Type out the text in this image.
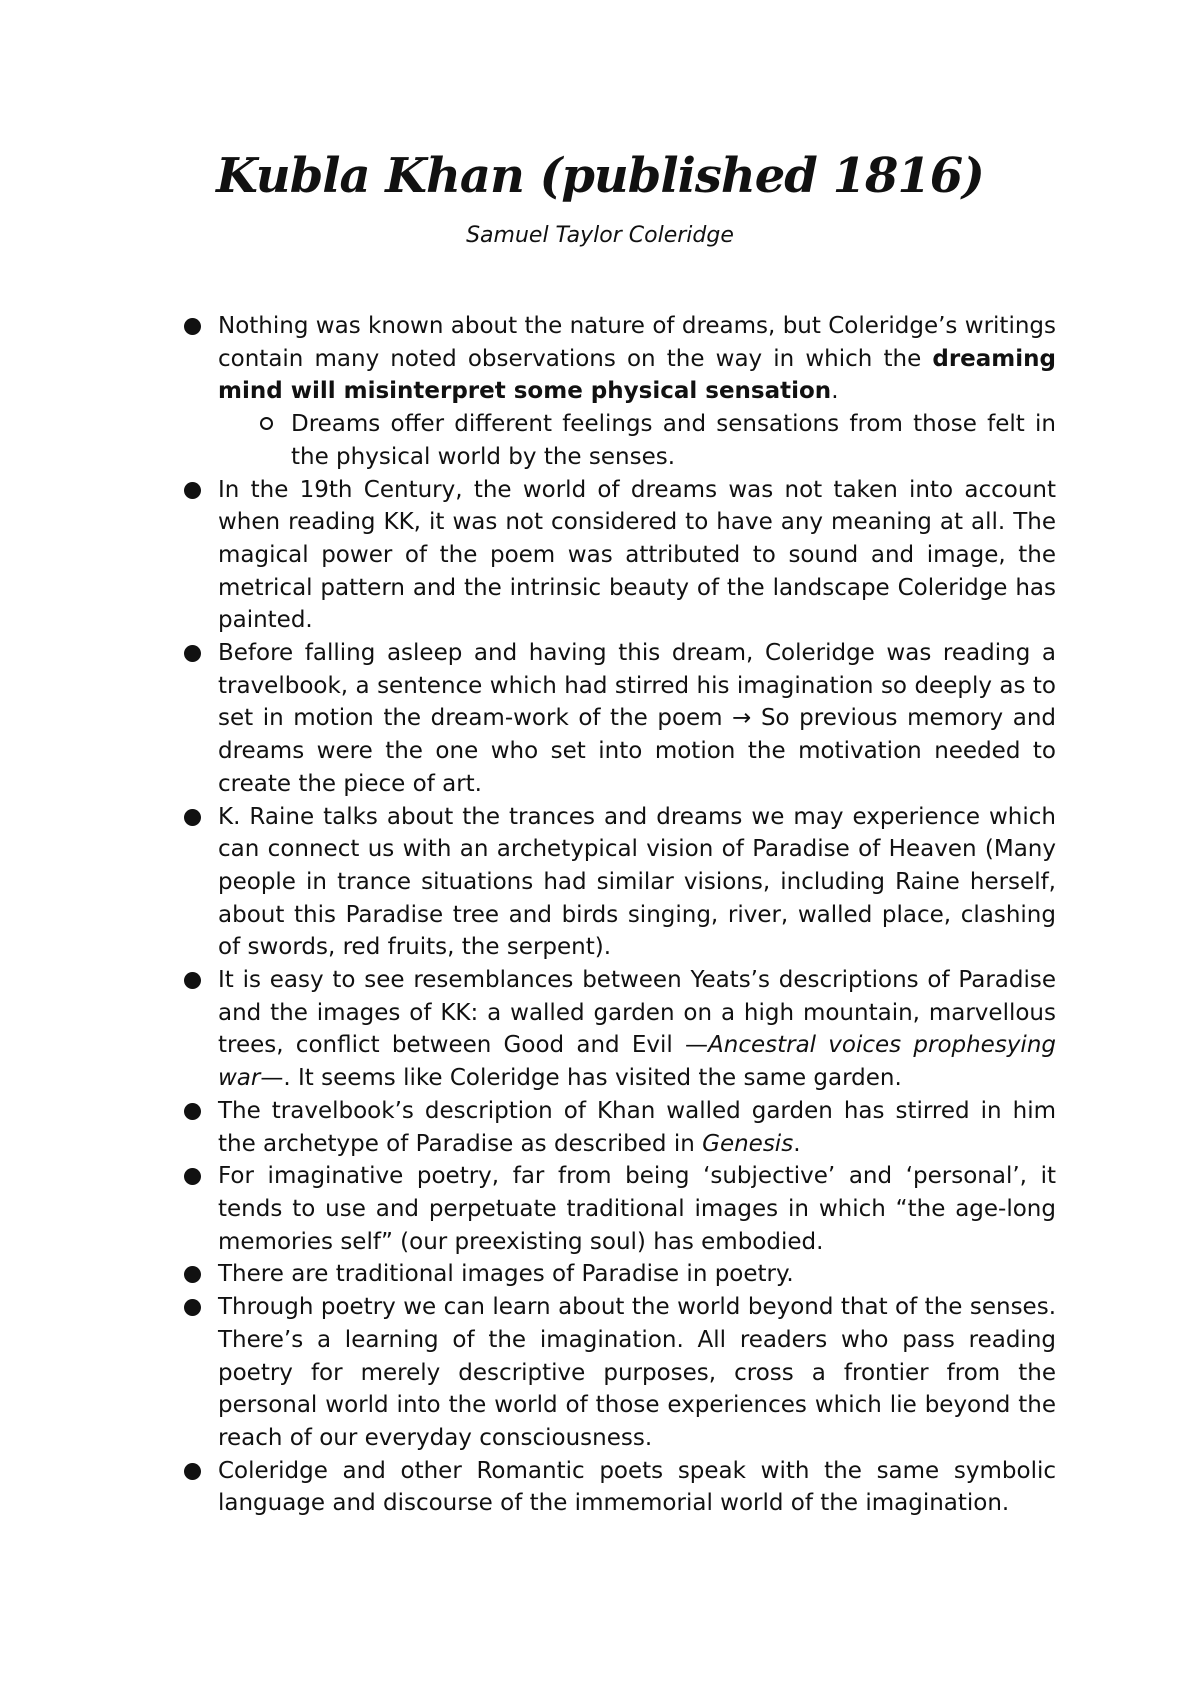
Kubla Khan (published 1816)

Samuel Taylor Coleridge

Nothing was known about the nature of dreams, but Coleridge’s writings contain many noted observations on the way in which the dreaming mind will misinterpret some physical sensation.
Dreams offer different feelings and sensations from those felt in the physical world by the senses.
In the 19th Century, the world of dreams was not taken into account when reading KK, it was not considered to have any meaning at all. The magical power of the poem was attributed to sound and image, the metrical pattern and the intrinsic beauty of the landscape Coleridge has painted.
Before falling asleep and having this dream, Coleridge was reading a travelbook, a sentence which had stirred his imagination so deeply as to set in motion the dream-work of the poem → So previous memory and dreams were the one who set into motion the motivation needed to create the piece of art.
K. Raine talks about the trances and dreams we may experience which can connect us with an archetypical vision of Paradise of Heaven (Many people in trance situations had similar visions, including Raine herself, about this Paradise tree and birds singing, river, walled place, clashing of swords, red fruits, the serpent).
It is easy to see resemblances between Yeats’s descriptions of Paradise and the images of KK: a walled garden on a high mountain, marvellous trees, conflict between Good and Evil —Ancestral voices prophesying war—. It seems like Coleridge has visited the same garden.
The travelbook’s description of Khan walled garden has stirred in him the archetype of Paradise as described in Genesis.
For imaginative poetry, far from being ‘subjective’ and ‘personal’, it tends to use and perpetuate traditional images in which “the age-long memories self” (our preexisting soul) has embodied.
There are traditional images of Paradise in poetry.
Through poetry we can learn about the world beyond that of the senses. There’s a learning of the imagination. All readers who pass reading poetry for merely descriptive purposes, cross a frontier from the personal world into the world of those experiences which lie beyond the reach of our everyday consciousness.
Coleridge and other Romantic poets speak with the same symbolic language and discourse of the immemorial world of the imagination.
